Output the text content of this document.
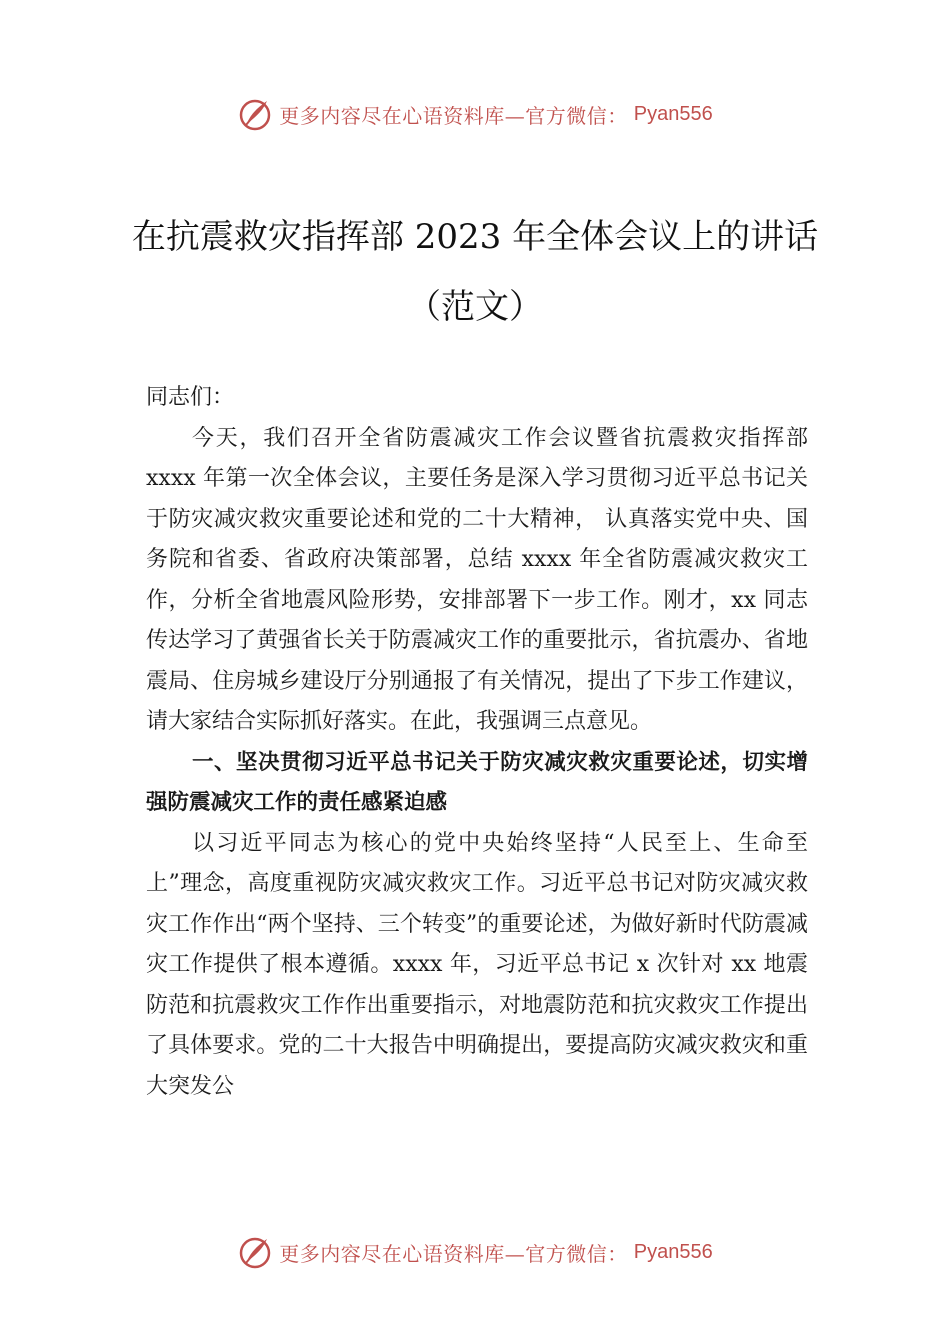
更多内容尽在心语资料库—官方微信： Pyan556
在抗震救灾指挥部 2023 年全体会议上的讲话（范文）

同志们：

今天，我们召开全省防震减灾工作会议暨省抗震救灾指挥部 xxxx 年第一次全体会议，主要任务是深入学习贯彻习近平总书记关于防灾减灾救灾重要论述和党的二十大精神， 认真落实党中央、国务院和省委、省政府决策部署，总结 xxxx 年全省防震减灾救灾工作，分析全省地震风险形势，安排部署下一步工作。刚才，xx 同志传达学习了黄强省长关于防震减灾工作的重要批示，省抗震办、省地震局、住房城乡建设厅分别通报了有关情况，提出了下步工作建议，请大家结合实际抓好落实。在此，我强调三点意见。

一、坚决贯彻习近平总书记关于防灾减灾救灾重要论述，切实增强防震减灾工作的责任感紧迫感

以习近平同志为核心的党中央始终坚持“人民至上、生命至上”理念，高度重视防灾减灾救灾工作。习近平总书记对防灾减灾救灾工作作出“两个坚持、三个转变”的重要论述，为做好新时代防震减灾工作提供了根本遵循。xxxx 年，习近平总书记 x 次针对 xx 地震防范和抗震救灾工作作出重要指示，对地震防范和抗灾救灾工作提出了具体要求。党的二十大报告中明确提出，要提高防灾减灾救灾和重大突发公

更多内容尽在心语资料库—官方微信： Pyan556
